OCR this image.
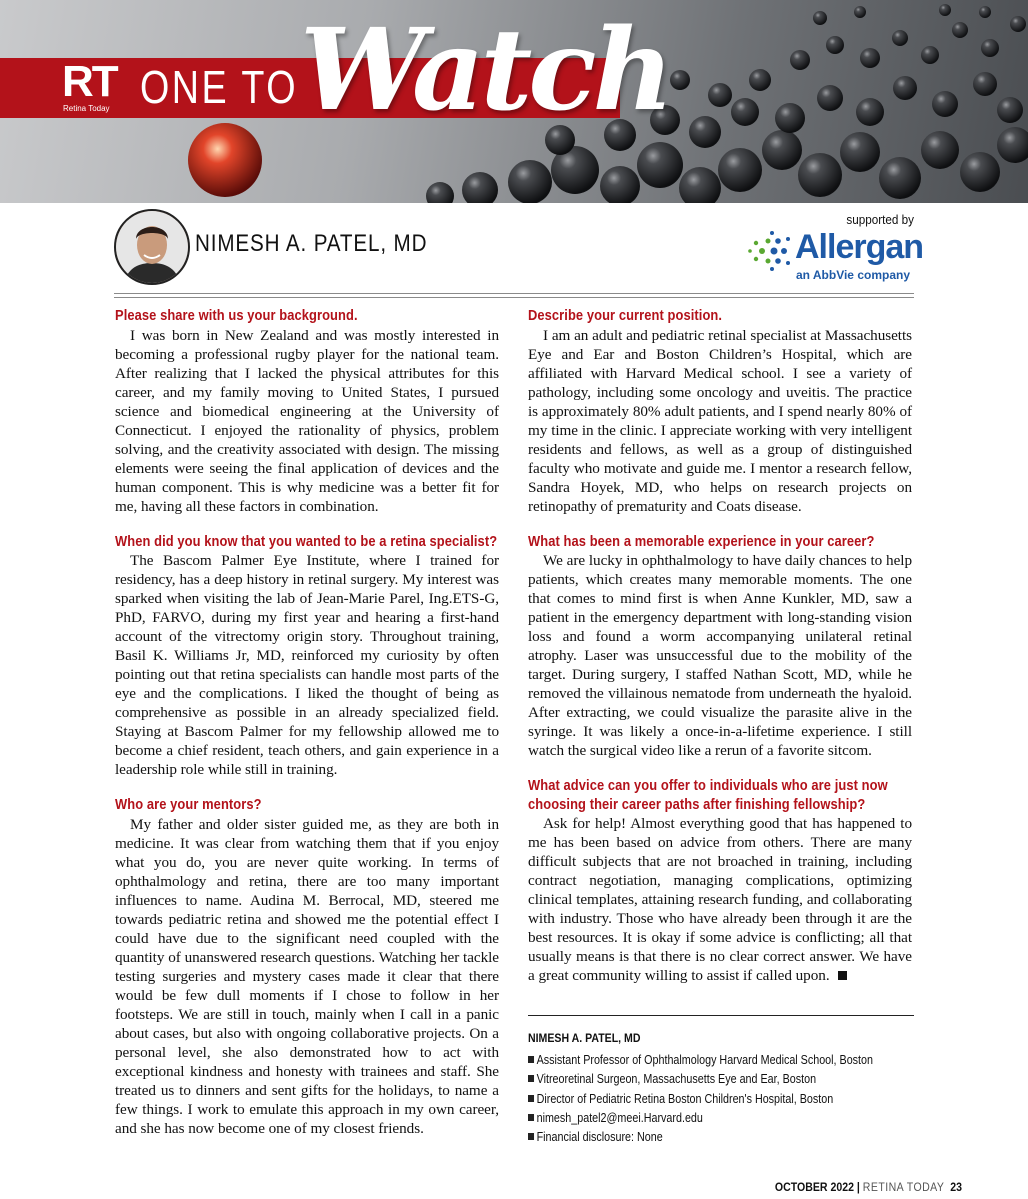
RT
Retina Today ONE TO Watch
NIMESH A. PATEL, MD
supported by
Allergan
an AbbVie company

Please share with us your background.

I was born in New Zealand and was mostly interested in becoming a professional rugby player for the national team. After realizing that I lacked the physical attributes for this career, and my family moving to United States, I pursued science and biomedical engineering at the University of Connecticut. I enjoyed the rationality of physics, problem solving, and the creativity associated with design. The missing elements were seeing the final application of devices and the human component. This is why medicine was a better fit for me, having all these factors in combination.

When did you know that you wanted to be a retina specialist?

The Bascom Palmer Eye Institute, where I trained for residency, has a deep history in retinal surgery. My interest was sparked when visiting the lab of Jean-Marie Parel, Ing.ETS-G, PhD, FARVO, during my first year and hearing a first-hand account of the vitrectomy origin story. Throughout training, Basil K. Williams Jr, MD, reinforced my curiosity by often pointing out that retina specialists can handle most parts of the eye and the complications. I liked the thought of being as comprehensive as possible in an already specialized field. Staying at Bascom Palmer for my fellowship allowed me to become a chief resident, teach others, and gain experience in a leadership role while still in training.

Who are your mentors?

My father and older sister guided me, as they are both in medicine. It was clear from watching them that if you enjoy what you do, you are never quite working. In terms of ophthalmology and retina, there are too many important influences to name. Audina M. Berrocal, MD, steered me towards pediatric retina and showed me the potential effect I could have due to the significant need coupled with the quantity of unanswered research questions. Watching her tackle testing surgeries and mystery cases made it clear that there would be few dull moments if I chose to follow in her footsteps. We are still in touch, mainly when I call in a panic about cases, but also with ongoing collaborative projects. On a personal level, she also demonstrated how to act with exceptional kindness and honesty with trainees and staff. She treated us to dinners and sent gifts for the holidays, to name a few things. I work to emulate this approach in my own career, and she has now become one of my closest friends.

Describe your current position.

I am an adult and pediatric retinal specialist at Massachusetts Eye and Ear and Boston Children’s Hospital, which are affiliated with Harvard Medical school. I see a variety of pathology, including some oncology and uveitis. The practice is approximately 80% adult patients, and I spend nearly 80% of my time in the clinic. I appreciate working with very intelligent residents and fellows, as well as a group of distinguished faculty who motivate and guide me. I mentor a research fellow, Sandra Hoyek, MD, who helps on research projects on retinopathy of prematurity and Coats disease.

What has been a memorable experience in your career?

We are lucky in ophthalmology to have daily chances to help patients, which creates many memorable moments. The one that comes to mind first is when Anne Kunkler, MD, saw a patient in the emergency department with long-standing vision loss and found a worm accompanying unilateral retinal atrophy. Laser was unsuccessful due to the mobility of the target. During surgery, I staffed Nathan Scott, MD, while he removed the villainous nematode from underneath the hyaloid. After extracting, we could visualize the parasite alive in the syringe. It was likely a once-in-a-lifetime experience. I still watch the surgical video like a rerun of a favorite sitcom.

What advice can you offer to individuals who are just now choosing their career paths after finishing fellowship?

Ask for help! Almost everything good that has happened to me has been based on advice from others. There are many difficult subjects that are not broached in training, including contract negotiation, managing complications, optimizing clinical templates, attaining research funding, and collaborating with industry. Those who have already been through it are the best resources. It is okay if some advice is conflicting; all that usually means is that there is no clear correct answer. We have a great community willing to assist if called upon.

NIMESH A. PATEL, MD

Assistant Professor of Ophthalmology Harvard Medical School, Boston
Vitreoretinal Surgeon, Massachusetts Eye and Ear, Boston
Director of Pediatric Retina Boston Children's Hospital, Boston
nimesh_patel2@meei.Harvard.edu
Financial disclosure: None
OCTOBER 2022 | RETINA TODAY 23
